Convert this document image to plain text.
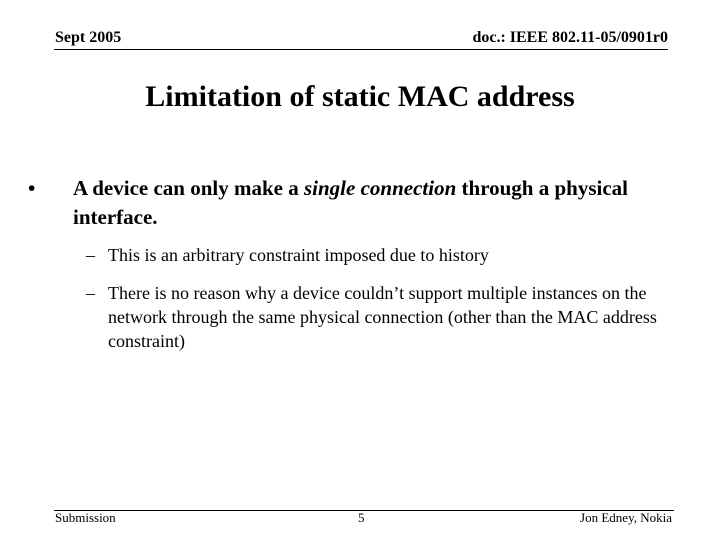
Sept 2005	doc.: IEEE 802.11-05/0901r0
Limitation of static MAC address
• A device can only make a single connection through a physical interface.
– This is an arbitrary constraint imposed due to history
– There is no reason why a device couldn’t support multiple instances on the network through the same physical connection (other than the MAC address constraint)
Submission	5	Jon Edney, Nokia
